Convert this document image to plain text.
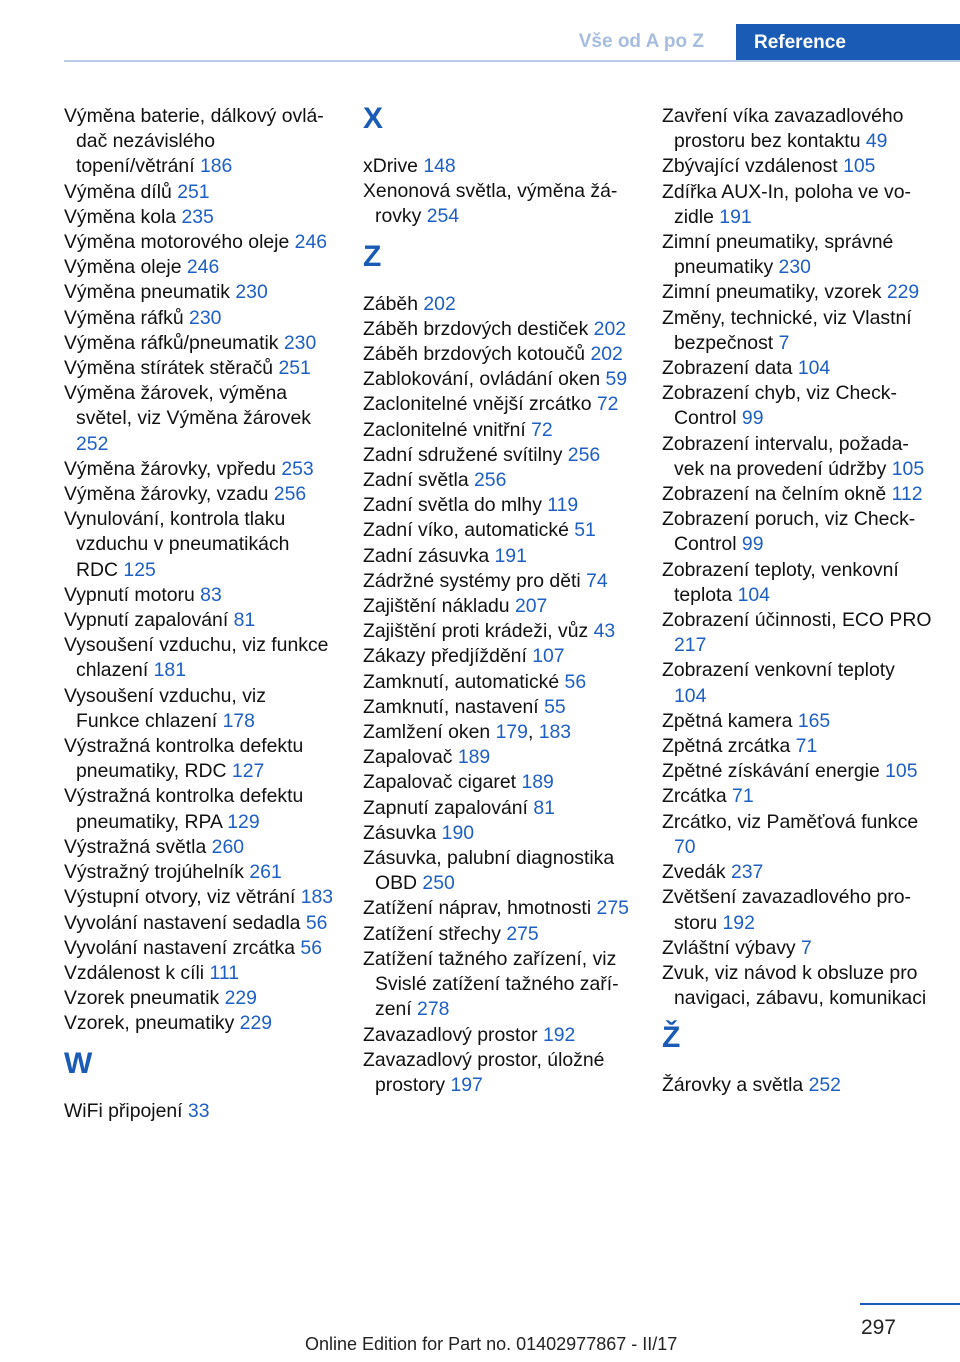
Vše od A po Z	Reference
Výměna baterie, dálkový ovládač nezávislého topení/větrání 186
Výměna dílů 251
Výměna kola 235
Výměna motorového oleje 246
Výměna oleje 246
Výměna pneumatik 230
Výměna ráfků 230
Výměna ráfků/pneumatik 230
Výměna stírátek stěračů 251
Výměna žárovek, výměna světel, viz Výměna žárovek 252
Výměna žárovky, vpředu 253
Výměna žárovky, vzadu 256
Vynulování, kontrola tlaku vzduchu v pneumatikách RDC 125
Vypnutí motoru 83
Vypnutí zapalování 81
Vysoušení vzduchu, viz funkce chlazení 181
Vysoušení vzduchu, viz Funkce chlazení 178
Výstražná kontrolka defektu pneumatiky, RDC 127
Výstražná kontrolka defektu pneumatiky, RPA 129
Výstražná světla 260
Výstražný trojúhelník 261
Výstupní otvory, viz větrání 183
Vyvolání nastavení sedadla 56
Vyvolání nastavení zrcátka 56
Vzdálenost k cíli 111
Vzorek pneumatik 229
Vzorek, pneumatiky 229
W
WiFi připojení 33
X
xDrive 148
Xenonová světla, výměna žárovky 254
Z
Záběh 202
Záběh brzdových destiček 202
Záběh brzdových kotoučů 202
Zablokování, ovládání oken 59
Zaclonitelné vnější zrcátko 72
Zaclonitelné vnitřní 72
Zadní sdružené svítilny 256
Zadní světla 256
Zadní světla do mlhy 119
Zadní víko, automatické 51
Zadní zásuvka 191
Zádržné systémy pro děti 74
Zajištění nákladu 207
Zajištění proti krádeži, vůz 43
Zákazy předjíždění 107
Zamknutí, automatické 56
Zamknutí, nastavení 55
Zamlžení oken 179, 183
Zapalovač 189
Zapalovač cigaret 189
Zapnutí zapalování 81
Zásuvka 190
Zásuvka, palubní diagnostika OBD 250
Zatížení náprav, hmotnosti 275
Zatížení střechy 275
Zatížení tažného zařízení, viz Svislé zatížení tažného zařízení 278
Zavazadlový prostor 192
Zavazadlový prostor, úložné prostory 197
Zavření víka zavazadlového prostoru bez kontaktu 49
Zbývající vzdálenost 105
Zdířka AUX-In, poloha ve vozidle 191
Zimní pneumatiky, správné pneumatiky 230
Zimní pneumatiky, vzorek 229
Změny, technické, viz Vlastní bezpečnost 7
Zobrazení data 104
Zobrazení chyb, viz Check-Control 99
Zobrazení intervalu, požadavek na provedení údržby 105
Zobrazení na čelním okně 112
Zobrazení poruch, viz Check-Control 99
Zobrazení teploty, venkovní teplota 104
Zobrazení účinnosti, ECO PRO 217
Zobrazení venkovní teploty 104
Zpětná kamera 165
Zpětná zrcátka 71
Zpětné získávání energie 105
Zrcátka 71
Zrcátko, viz Paměťová funkce 70
Zvedák 237
Zvětšení zavazadlového prostoru 192
Zvláštní výbavy 7
Zvuk, viz návod k obsluze pro navigaci, zábavu, komunikaci
Ž
Žárovky a světla 252
297
Online Edition for Part no. 01402977867 - II/17
